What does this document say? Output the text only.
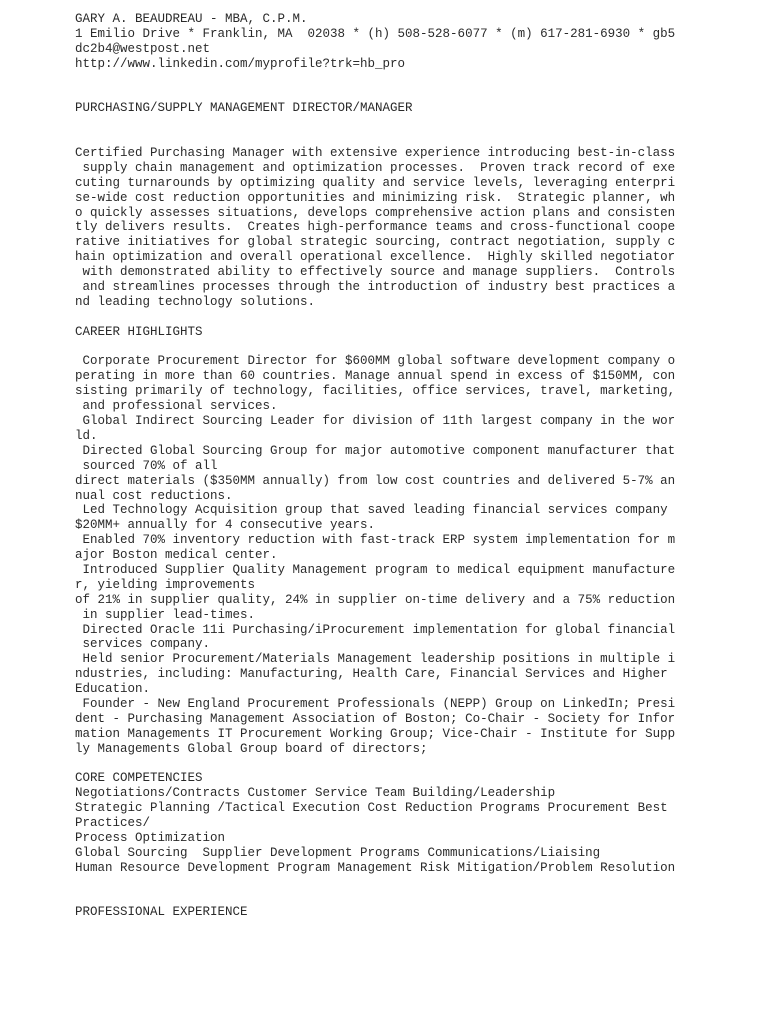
GARY A. BEAUDREAU - MBA, C.P.M.
1 Emilio Drive * Franklin, MA  02038 * (h) 508-528-6077 * (m) 617-281-6930 * gb5
dc2b4@westpost.net
http://www.linkedin.com/myprofile?trk=hb_pro
PURCHASING/SUPPLY MANAGEMENT DIRECTOR/MANAGER
Certified Purchasing Manager with extensive experience introducing best-in-class
supply chain management and optimization processes.  Proven track record of exe
cuting turnarounds by optimizing quality and service levels, leveraging enterpri
se-wide cost reduction opportunities and minimizing risk.  Strategic planner, wh
o quickly assesses situations, develops comprehensive action plans and consisten
tly delivers results.  Creates high-performance teams and cross-functional coope
rative initiatives for global strategic sourcing, contract negotiation, supply c
hain optimization and overall operational excellence.  Highly skilled negotiator
with demonstrated ability to effectively source and manage suppliers.  Controls
and streamlines processes through the introduction of industry best practices a
nd leading technology solutions.
CAREER HIGHLIGHTS
Corporate Procurement Director for $600MM global software development company o
perating in more than 60 countries. Manage annual spend in excess of $150MM, con
sisting primarily of technology, facilities, office services, travel, marketing,
and professional services.
Global Indirect Sourcing Leader for division of 11th largest company in the wor
ld.
Directed Global Sourcing Group for major automotive component manufacturer that
sourced 70% of all
direct materials ($350MM annually) from low cost countries and delivered 5-7% an
nual cost reductions.
Led Technology Acquisition group that saved leading financial services company
$20MM+ annually for 4 consecutive years.
Enabled 70% inventory reduction with fast-track ERP system implementation for m
ajor Boston medical center.
Introduced Supplier Quality Management program to medical equipment manufacture
r, yielding improvements
of 21% in supplier quality, 24% in supplier on-time delivery and a 75% reduction
in supplier lead-times.
Directed Oracle 11i Purchasing/iProcurement implementation for global financial
services company.
Held senior Procurement/Materials Management leadership positions in multiple i
ndustries, including: Manufacturing, Health Care, Financial Services and Higher
Education.
Founder - New England Procurement Professionals (NEPP) Group on LinkedIn; Presi
dent - Purchasing Management Association of Boston; Co-Chair - Society for Infor
mation Managements IT Procurement Working Group; Vice-Chair - Institute for Supp
ly Managements Global Group board of directors;
CORE COMPETENCIES
Negotiations/Contracts Customer Service Team Building/Leadership
Strategic Planning /Tactical Execution Cost Reduction Programs Procurement Best
Practices/
Process Optimization
Global Sourcing  Supplier Development Programs Communications/Liaising
Human Resource Development Program Management Risk Mitigation/Problem Resolution
PROFESSIONAL EXPERIENCE
